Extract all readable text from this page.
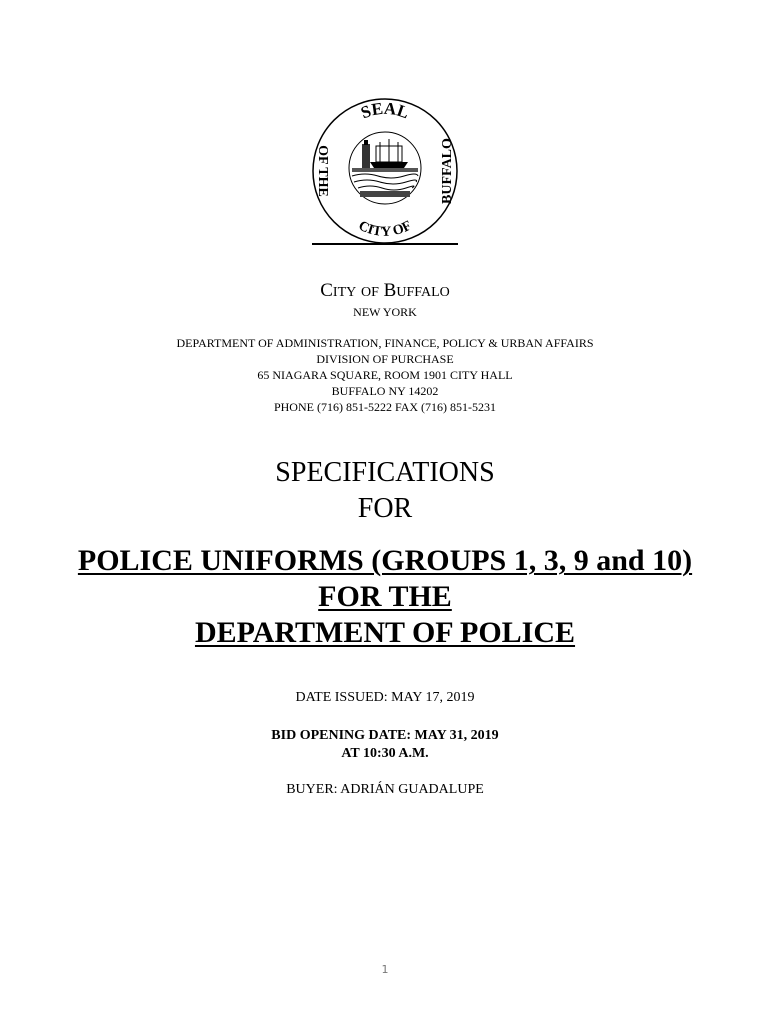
SEAL
OF THE	BUFFALO
CITY OF
CITY OF BUFFALO
NEW YORK
DEPARTMENT OF ADMINISTRATION, FINANCE, POLICY & URBAN AFFAIRS
DIVISION OF PURCHASE
65 NIAGARA SQUARE, ROOM 1901 CITY HALL
BUFFALO NY 14202
PHONE (716) 851-5222 FAX (716) 851-5231
SPECIFICATIONS
FOR
POLICE UNIFORMS (GROUPS 1, 3, 9 and 10)
FOR THE
DEPARTMENT OF POLICE
DATE ISSUED: MAY 17, 2019
BID OPENING DATE: MAY 31, 2019
AT 10:30 A.M.
BUYER: ADRIÁN GUADALUPE
1
